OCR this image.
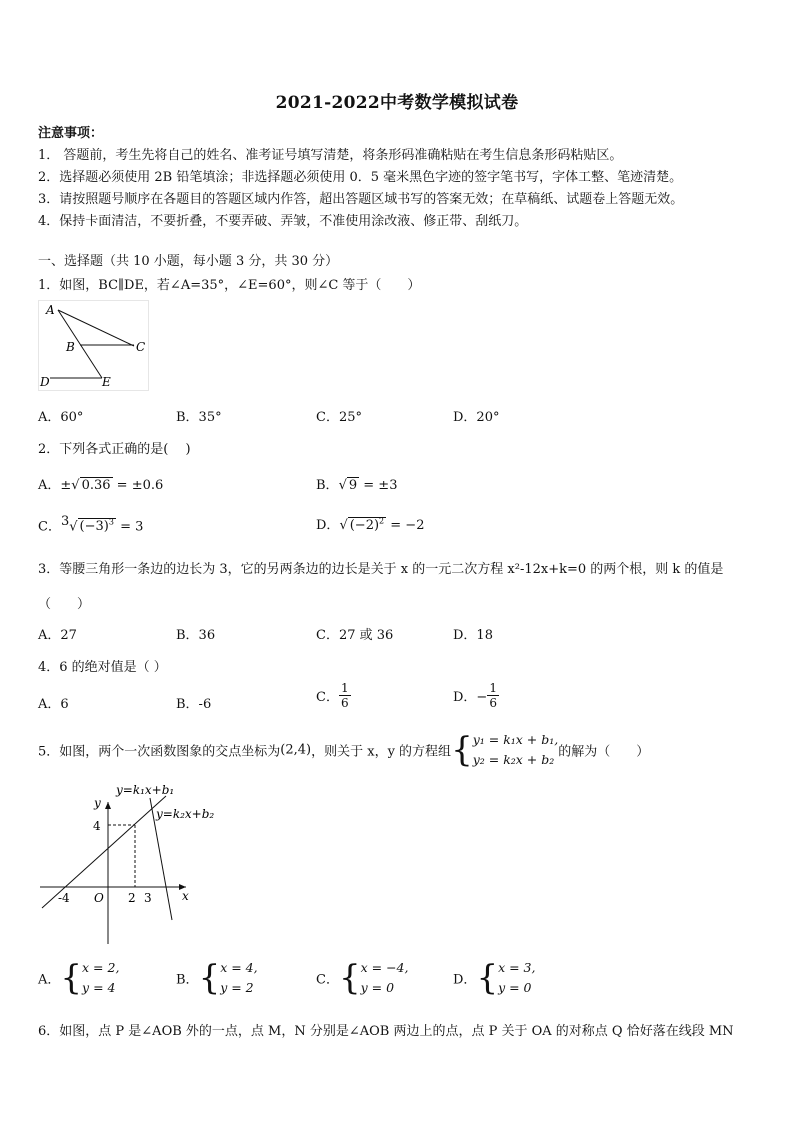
2021-2022中考数学模拟试卷
注意事项：
1． 答题前，考生先将自己的姓名、准考证号填写清楚，将条形码准确粘贴在考生信息条形码粘贴区。
2．选择题必须使用 2B 铅笔填涂；非选择题必须使用 0．5 毫米黑色字迹的签字笔书写，字体工整、笔迹清楚。
3．请按照题号顺序在各题目的答题区域内作答，超出答题区域书写的答案无效；在草稿纸、试题卷上答题无效。
4．保持卡面清洁，不要折叠，不要弄破、弄皱，不准使用涂改液、修正带、刮纸刀。
一、选择题（共 10 小题，每小题 3 分，共 30 分）
1．如图，BC∥DE，若∠A=35°，∠E=60°，则∠C 等于（　　）
A
B	C
D	E
A．60°	B．35°	C．25°	D．20°
2．下列各式正确的是(　 )
A．±√ 0.36 = ±0.6	B．√ 9 = ±3
C．$^3$√ $(-3)^3 = 3$	D．√ $(-2)^2 = -2$
3．等腰三角形一条边的边长为 3，它的另两条边的边长是关于 x 的一元二次方程 x²-12x+k=0 的两个根，则 k 的值是
（　　）
A．27	B．36	C．27 或 36	D．18
4．6 的绝对值是（ ）
A．6	B．-6	C． $\frac{1}{6}$	D．− $\frac{1}{6}$
5．如图，两个一次函数图象的交点坐标为(2,4)，则关于 x，y 的方程组{ y₁ = k₁x + b₁,
y₂ = k₂x + b₂ 的解为（　　）
y=k₁x+b₁
y=k₂x+b₂
y
x
O
-4	2 3
4
A．{ x = 2,
y = 4	B．{ x = 4,
y = 2	C．{ x = −4,
y = 0	D．{ x = 3,
y = 0
6．如图，点 P 是∠AOB 外的一点，点 M，N 分别是∠AOB 两边上的点，点 P 关于 OA 的对称点 Q 恰好落在线段 MN
